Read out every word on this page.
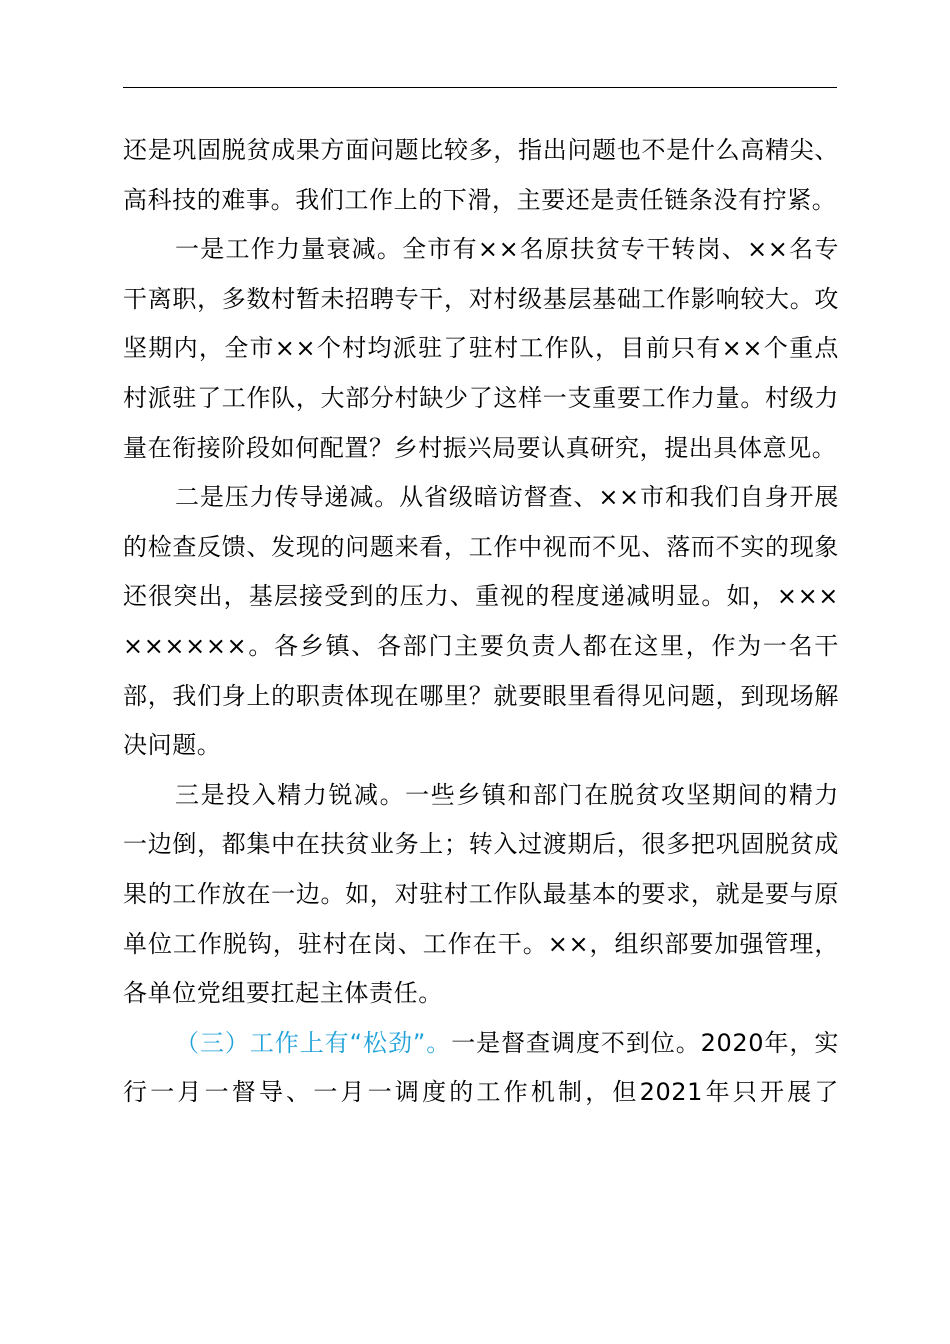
还是巩固脱贫成果方面问题比较多，指出问题也不是什么高精尖、高科技的难事。我们工作上的下滑，主要还是责任链条没有拧紧。

一是工作力量衰减。全市有××名原扶贫专干转岗、××名专干离职，多数村暂未招聘专干，对村级基层基础工作影响较大。攻坚期内，全市××个村均派驻了驻村工作队，目前只有××个重点村派驻了工作队，大部分村缺少了这样一支重要工作力量。村级力量在衔接阶段如何配置？乡村振兴局要认真研究，提出具体意见。

二是压力传导递减。从省级暗访督查、××市和我们自身开展的检查反馈、发现的问题来看，工作中视而不见、落而不实的现象还很突出，基层接受到的压力、重视的程度递减明显。如，×××××××××。各乡镇、各部门主要负责人都在这里，作为一名干部，我们身上的职责体现在哪里？就要眼里看得见问题，到现场解决问题。

三是投入精力锐减。一些乡镇和部门在脱贫攻坚期间的精力一边倒，都集中在扶贫业务上；转入过渡期后，很多把巩固脱贫成果的工作放在一边。如，对驻村工作队最基本的要求，就是要与原单位工作脱钩，驻村在岗、工作在干。××，组织部要加强管理，各单位党组要扛起主体责任。

（三）工作上有“松劲”。一是督查调度不到位。2020年，实行一月一督导、一月一调度的工作机制，但2021年只开展了
